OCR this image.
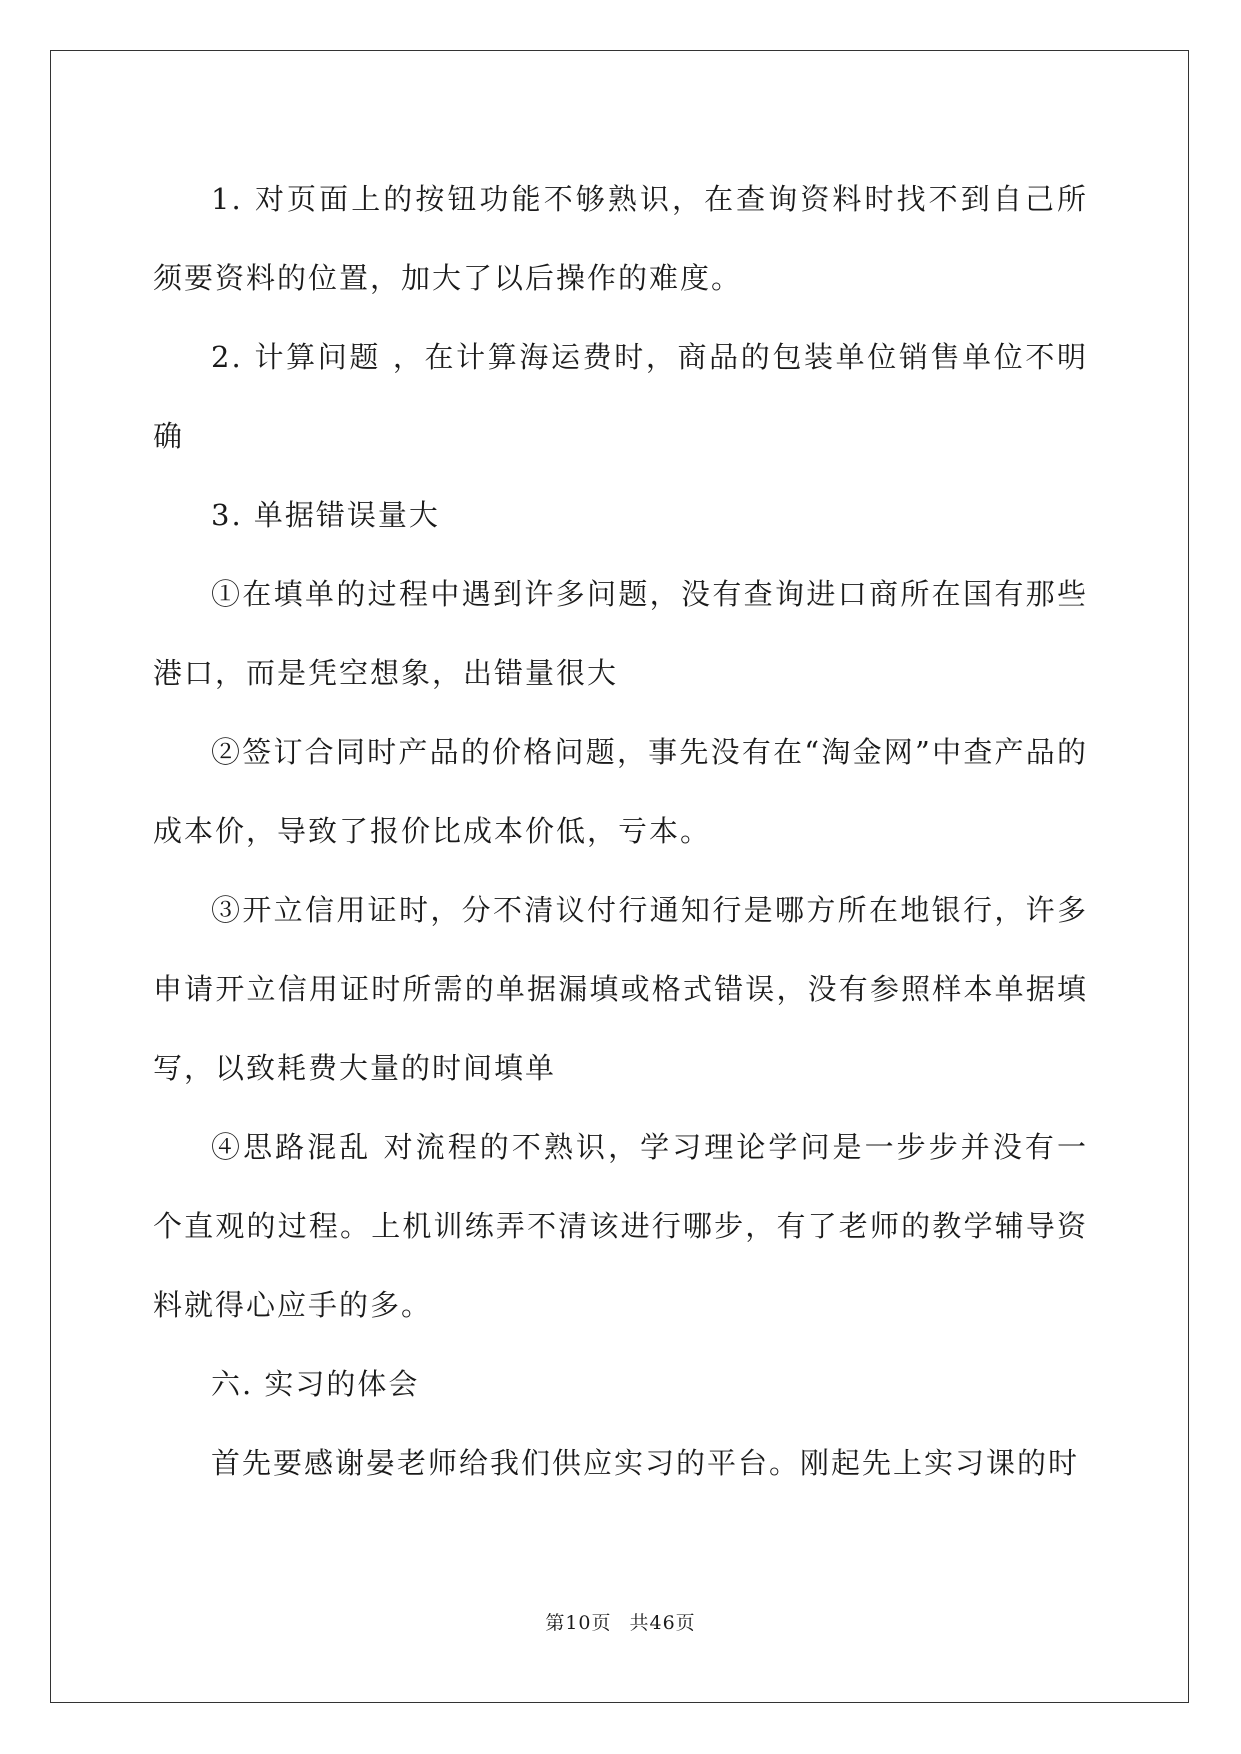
1. 对页面上的按钮功能不够熟识，在查询资料时找不到自己所须要资料的位置，加大了以后操作的难度。

2. 计算问题 ，在计算海运费时，商品的包装单位销售单位不明确

3. 单据错误量大

①在填单的过程中遇到许多问题，没有查询进口商所在国有那些港口，而是凭空想象，出错量很大

②签订合同时产品的价格问题，事先没有在“淘金网”中查产品的成本价，导致了报价比成本价低，亏本。

③开立信用证时，分不清议付行通知行是哪方所在地银行，许多申请开立信用证时所需的单据漏填或格式错误，没有参照样本单据填写，以致耗费大量的时间填单

④思路混乱 对流程的不熟识，学习理论学问是一步步并没有一个直观的过程。上机训练弄不清该进行哪步，有了老师的教学辅导资料就得心应手的多。

六. 实习的体会

首先要感谢晏老师给我们供应实习的平台。刚起先上实习课的时

第10页 共46页
